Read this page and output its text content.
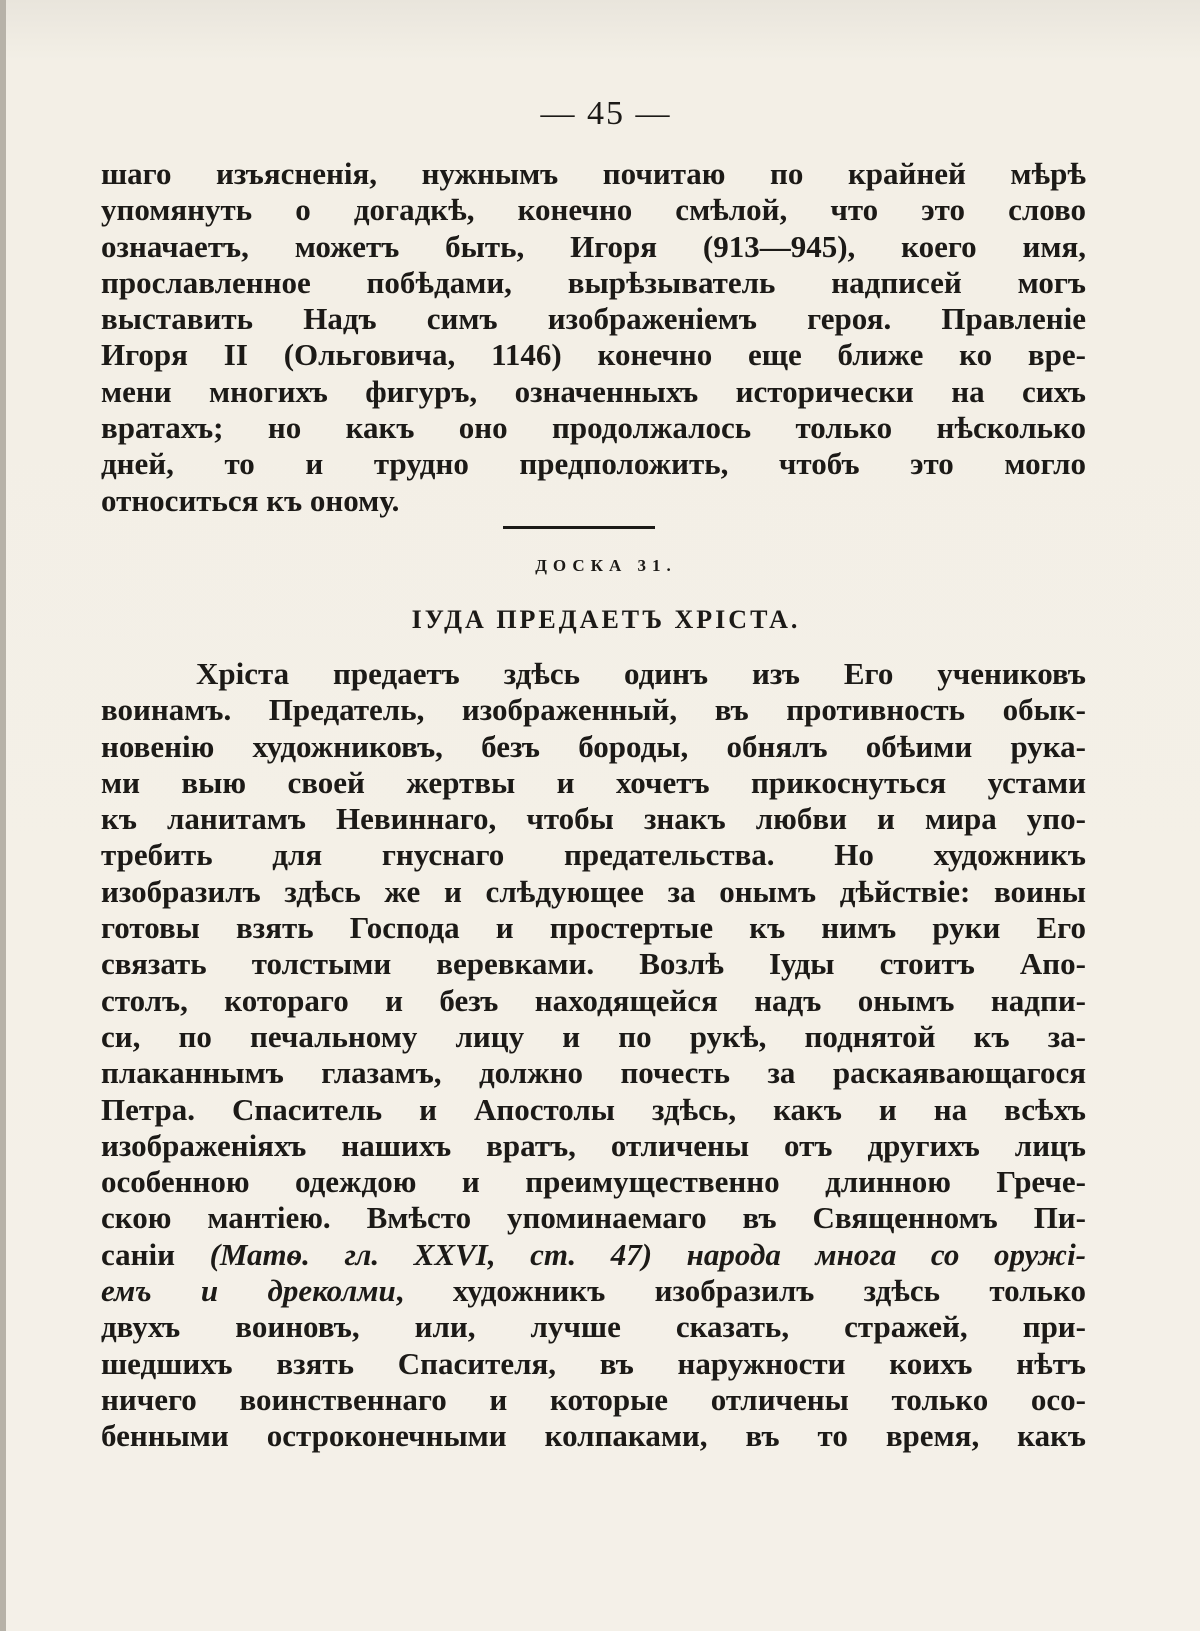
— 45 —
шаго изъясненія, нужнымъ почитаю по крайней мѣрѣ
упомянуть о догадкѣ, конечно смѣлой, что это слово
означаетъ, можетъ быть, Игоря (913—945), коего имя,
прославленное побѣдами, вырѣзыватель надписей могъ
выставить Надъ симъ изображеніемъ героя. Правленіе
Игоря II (Ольговича, 1146) конечно еще ближе ко вре-
мени многихъ фигуръ, означенныхъ исторически на сихъ
вратахъ; но какъ оно продолжалось только нѣсколько
дней, то и трудно предположить, чтобъ это могло
относиться къ оному.
ДОСКА 31.
ІУДА ПРЕДАЕТЪ ХРІСТА.
Хріста предаетъ здѣсь одинъ изъ Его учениковъ
воинамъ. Предатель, изображенный, въ противность обык-
новенію художниковъ, безъ бороды, обнялъ обѣими рука-
ми выю своей жертвы и хочетъ прикоснуться устами
къ ланитамъ Невиннаго, чтобы знакъ любви и мира упо-
требить для гнуснаго предательства. Но художникъ
изобразилъ здѣсь же и слѣдующее за онымъ дѣйствіе: воины
готовы взять Господа и простертые къ нимъ руки Его
связать толстыми веревками. Возлѣ Іуды стоитъ Апо-
столъ, котораго и безъ находящейся надъ онымъ надпи-
си, по печальному лицу и по рукѣ, поднятой къ за-
плаканнымъ глазамъ, должно почесть за раскаявающагося
Петра. Спаситель и Апостолы здѣсь, какъ и на всѣхъ
изображеніяхъ нашихъ вратъ, отличены отъ другихъ лицъ
особенною одеждою и преимущественно длинною Грече-
скою мантіею. Вмѣсто упоминаемаго въ Священномъ Пи-
саніи (Матѳ. гл. XXVI, ст. 47) народа многа со оружі-
емъ и дреколми, художникъ изобразилъ здѣсь только
двухъ воиновъ, или, лучше сказать, стражей, при-
шедшихъ взять Спасителя, въ наружности коихъ нѣтъ
ничего воинственнаго и которые отличены только осо-
бенными остроконечными колпаками, въ то время, какъ
